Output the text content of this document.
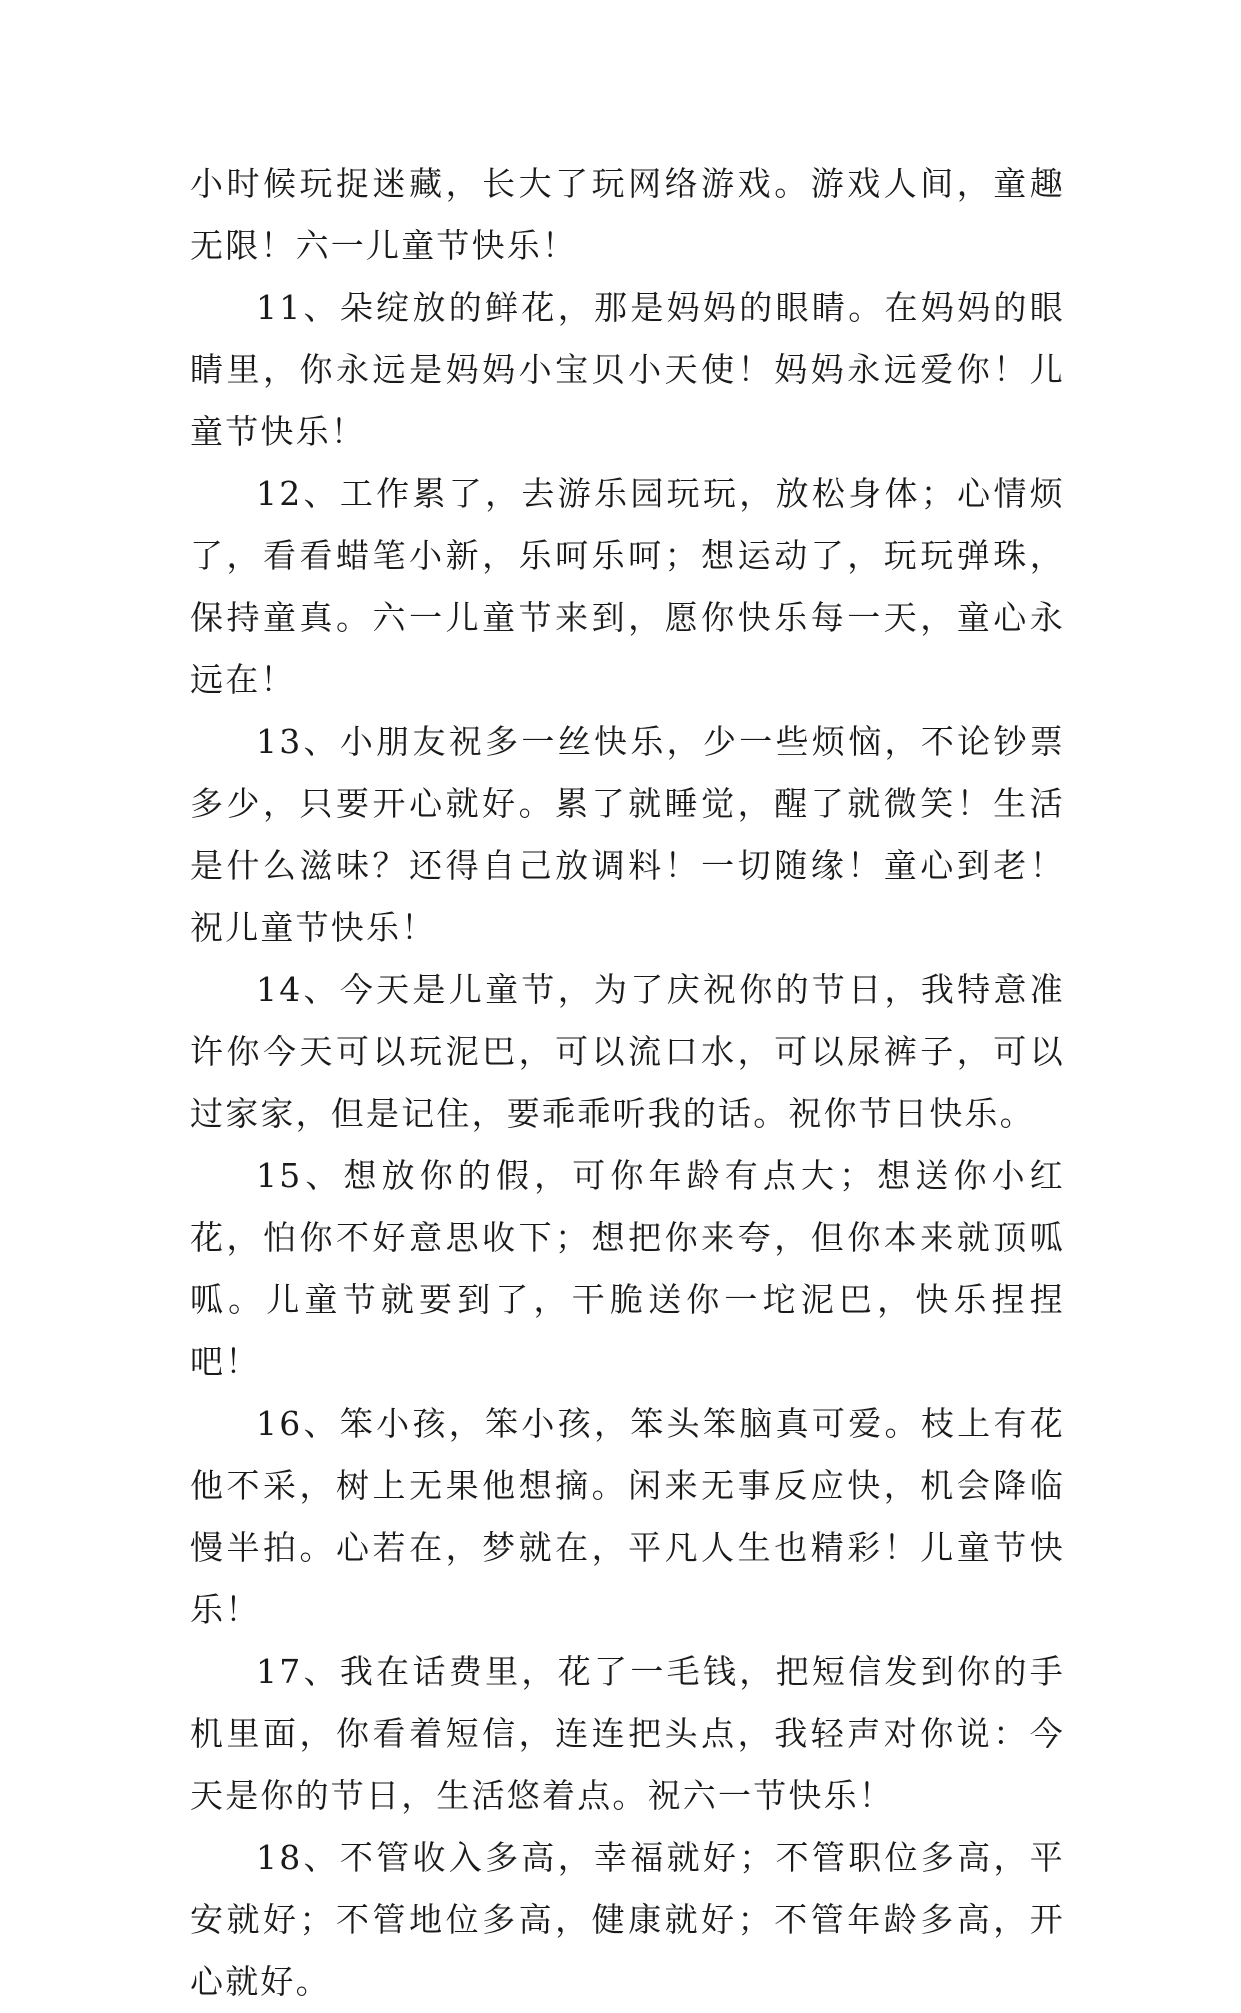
小时候玩捉迷藏，长大了玩网络游戏。游戏人间，童趣无限！六一儿童节快乐！

11、朵绽放的鲜花，那是妈妈的眼睛。在妈妈的眼睛里，你永远是妈妈小宝贝小天使！妈妈永远爱你！儿童节快乐！

12、工作累了，去游乐园玩玩，放松身体；心情烦了，看看蜡笔小新，乐呵乐呵；想运动了，玩玩弹珠，保持童真。六一儿童节来到，愿你快乐每一天，童心永远在！

13、小朋友祝多一丝快乐，少一些烦恼，不论钞票多少，只要开心就好。累了就睡觉，醒了就微笑！生活是什么滋味？还得自己放调料！一切随缘！童心到老！祝儿童节快乐！

14、今天是儿童节，为了庆祝你的节日，我特意准许你今天可以玩泥巴，可以流口水，可以尿裤子，可以过家家，但是记住，要乖乖听我的话。祝你节日快乐。

15、想放你的假，可你年龄有点大；想送你小红花，怕你不好意思收下；想把你来夸，但你本来就顶呱呱。儿童节就要到了，干脆送你一坨泥巴，快乐捏捏吧！

16、笨小孩，笨小孩，笨头笨脑真可爱。枝上有花他不采，树上无果他想摘。闲来无事反应快，机会降临慢半拍。心若在，梦就在，平凡人生也精彩！儿童节快乐！

17、我在话费里，花了一毛钱，把短信发到你的手机里面，你看着短信，连连把头点，我轻声对你说：今天是你的节日，生活悠着点。祝六一节快乐！

18、不管收入多高，幸福就好；不管职位多高，平安就好；不管地位多高，健康就好；不管年龄多高，开心就好。
